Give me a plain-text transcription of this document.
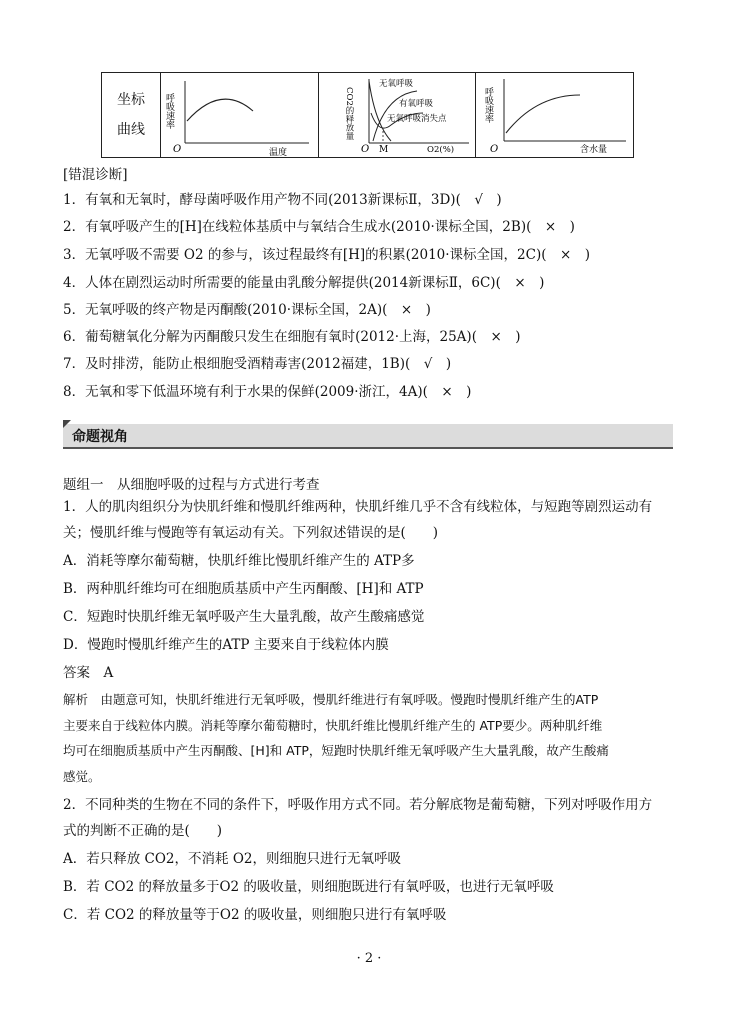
坐标
曲线
呼吸速率
O	温度
CO2的释放量
O M	O2(%)
无氧呼吸
有氧呼吸
无氧呼吸消失点	呼吸速率
O	含水量
[错混诊断]
1．有氧和无氧时，酵母菌呼吸作用产物不同(2013新课标Ⅱ，3D)(　√　)
2．有氧呼吸产生的[H]在线粒体基质中与氧结合生成水(2010·课标全国，2B)(　×　)
3．无氧呼吸不需要 O2 的参与，该过程最终有[H]的积累(2010·课标全国，2C)(　×　)
4．人体在剧烈运动时所需要的能量由乳酸分解提供(2014新课标Ⅱ，6C)(　×　)
5．无氧呼吸的终产物是丙酮酸(2010·课标全国，2A)(　×　)
6．葡萄糖氧化分解为丙酮酸只发生在细胞有氧时(2012·上海，25A)(　×　)
7．及时排涝，能防止根细胞受酒精毒害(2012福建，1B)(　√　)
8．无氧和零下低温环境有利于水果的保鲜(2009·浙江，4A)(　×　)
命题视角
题组一　从细胞呼吸的过程与方式进行考查
1．人的肌肉组织分为快肌纤维和慢肌纤维两种，快肌纤维几乎不含有线粒体，与短跑等剧烈运动有
关；慢肌纤维与慢跑等有氧运动有关。下列叙述错误的是(　　)
A．消耗等摩尔葡萄糖，快肌纤维比慢肌纤维产生的 ATP多
B．两种肌纤维均可在细胞质基质中产生丙酮酸、[H]和 ATP
C．短跑时快肌纤维无氧呼吸产生大量乳酸，故产生酸痛感觉
D．慢跑时慢肌纤维产生的ATP 主要来自于线粒体内膜
答案　A
解析　由题意可知，快肌纤维进行无氧呼吸，慢肌纤维进行有氧呼吸。慢跑时慢肌纤维产生的ATP
主要来自于线粒体内膜。消耗等摩尔葡萄糖时，快肌纤维比慢肌纤维产生的 ATP要少。两种肌纤维
均可在细胞质基质中产生丙酮酸、[H]和 ATP，短跑时快肌纤维无氧呼吸产生大量乳酸，故产生酸痛
感觉。
2．不同种类的生物在不同的条件下，呼吸作用方式不同。若分解底物是葡萄糖，下列对呼吸作用方
式的判断不正确的是(　　)
A．若只释放 CO2，不消耗 O2，则细胞只进行无氧呼吸
B．若 CO2 的释放量多于O2 的吸收量，则细胞既进行有氧呼吸，也进行无氧呼吸
C．若 CO2 的释放量等于O2 的吸收量，则细胞只进行有氧呼吸
· 2 ·
